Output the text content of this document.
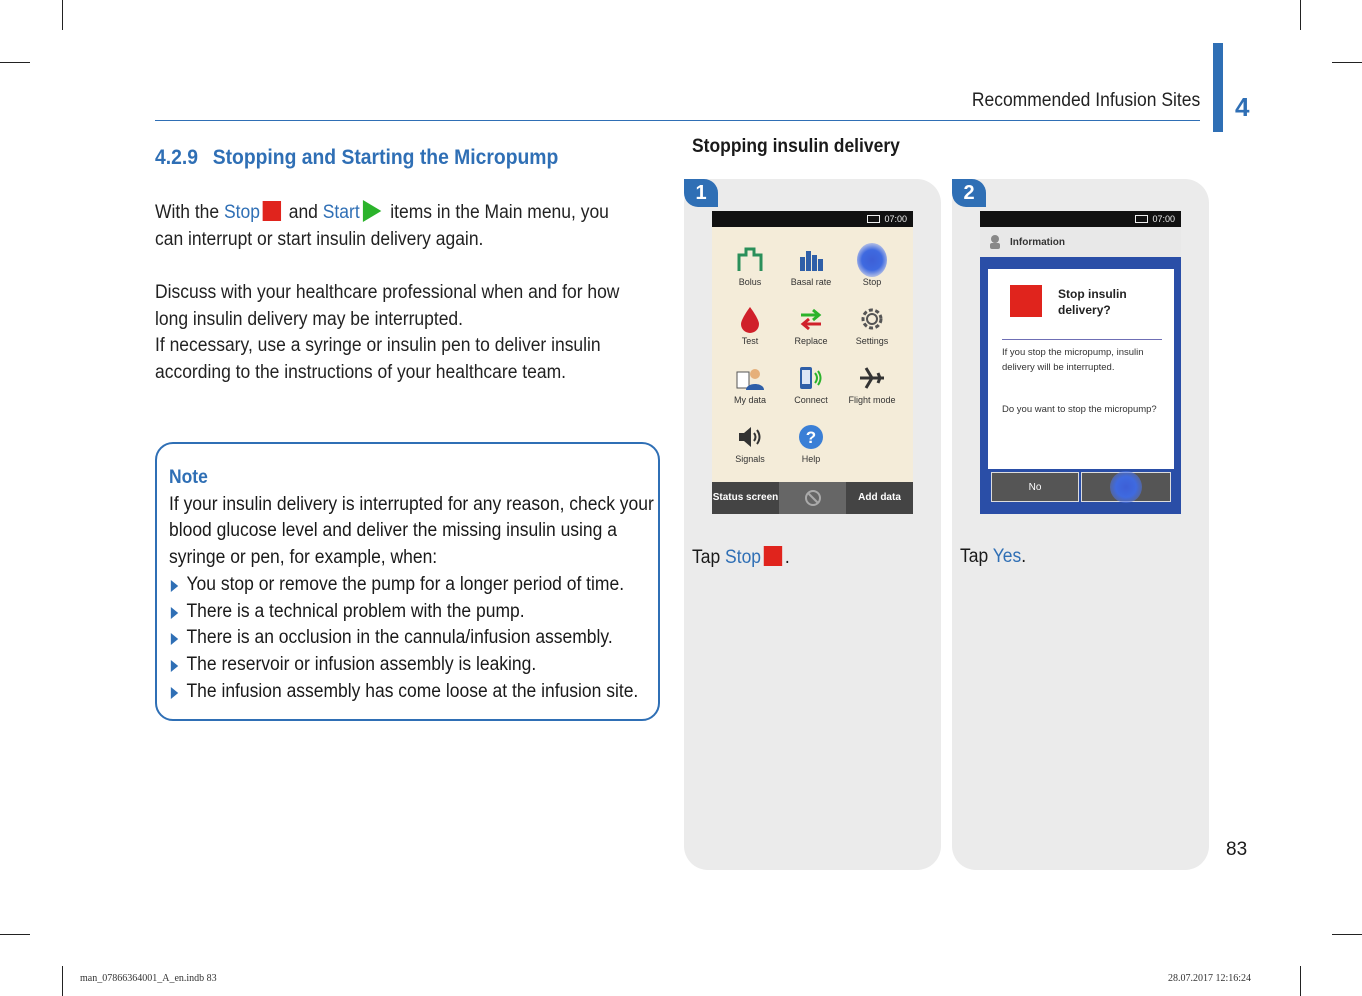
Recommended Infusion Sites 4
4.2.9 Stopping and Starting the Micropump
With the Stop and Start items in the Main menu, you can interrupt or start insulin delivery again.
Discuss with your healthcare professional when and for how long insulin delivery may be interrupted.
If necessary, use a syringe or insulin pen to deliver insulin according to the instructions of your healthcare team.
Note
If your insulin delivery is interrupted for any reason, check your blood glucose level and deliver the missing insulin using a syringe or pen, for example, when:
You stop or remove the pump for a longer period of time.
There is a technical problem with the pump.
There is an occlusion in the cannula/infusion assembly.
The reservoir or infusion assembly is leaking.
The infusion assembly has come loose at the infusion site.
Stopping insulin delivery
1
07:00
Bolus	Basal rate	Stop
Test	Replace	Settings
My data	Connect	Flight mode
Signals
?
Help
Status screen	Add data
Tap Stop .
2
07:00
Information
Stop insulin delivery?
If you stop the micropump, insulin delivery will be interrupted.
Do you want to stop the micropump?
No
Tap Yes.
83
man_07866364001_A_en.indb 83	28.07.2017 12:16:24
